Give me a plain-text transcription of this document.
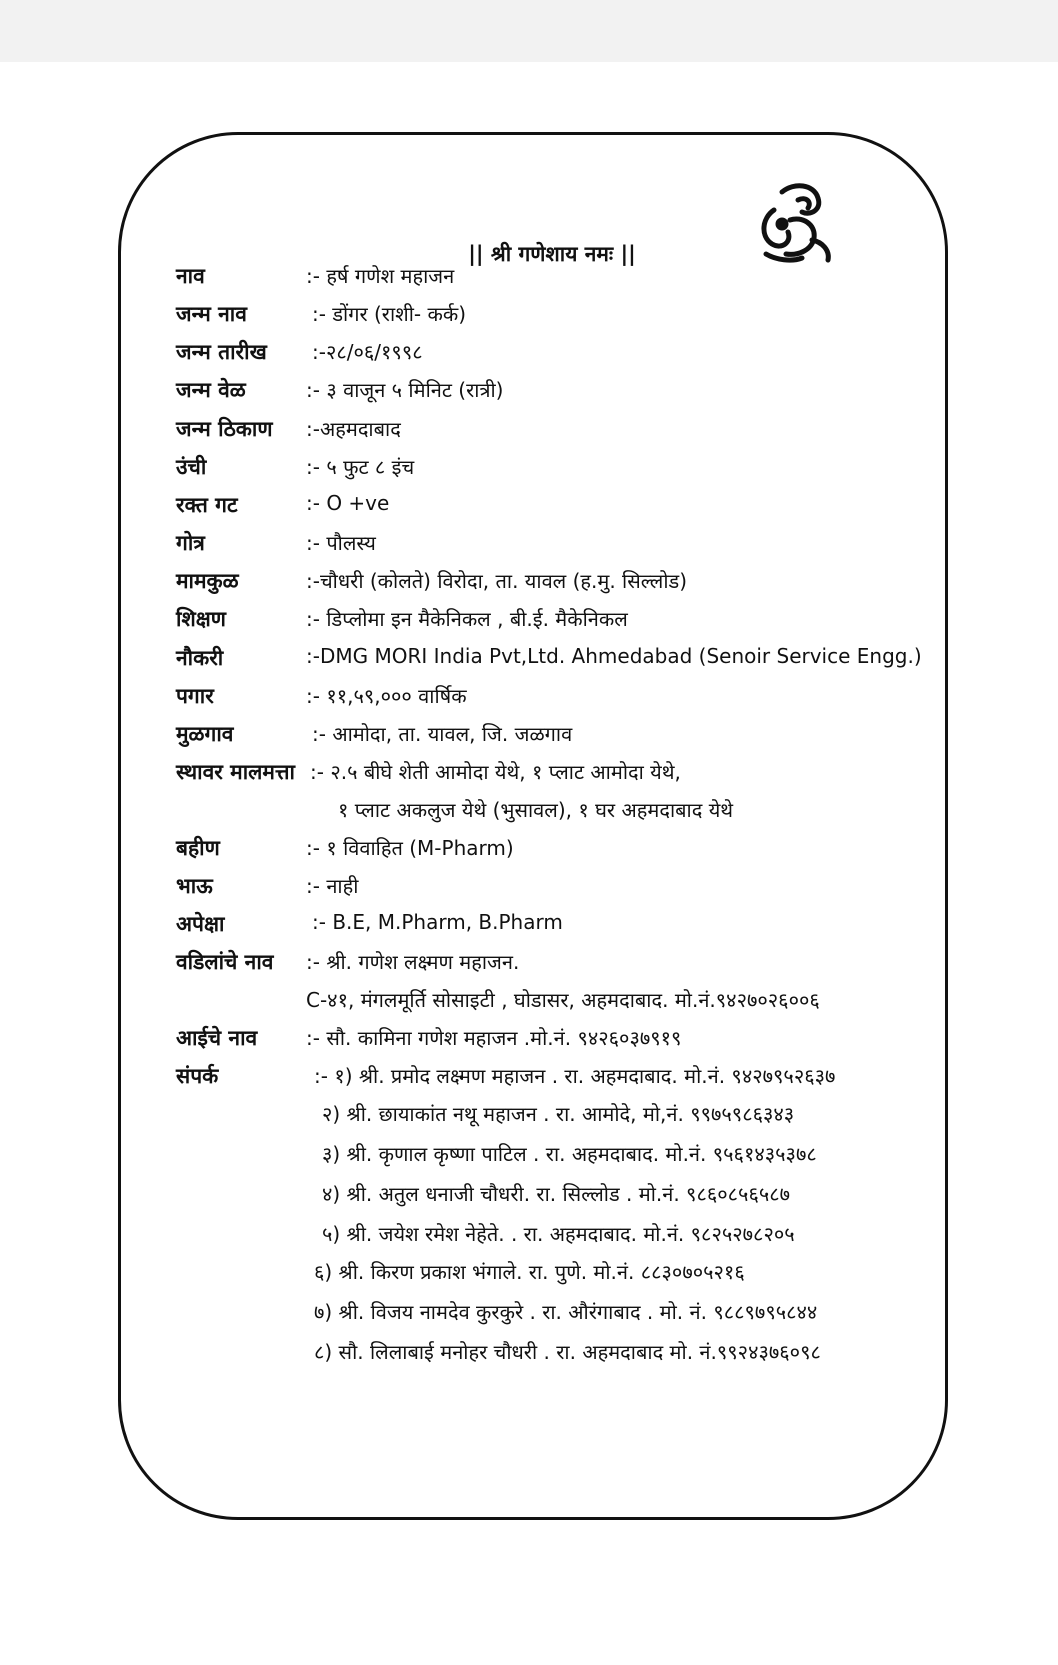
|| श्री गणेशाय नमः ||
नाव	:- हर्ष गणेश महाजन
जन्म नाव	:- डोंगर (राशी- कर्क)
जन्म तारीख :-२८/०६/१९९८
जन्म वेळ	:- ३ वाजून ५ मिनिट (रात्री)
जन्म ठिकाण :-अहमदाबाद
उंची	:- ५ फुट ८ इंच
रक्त गट	:- O +ve
गोत्र	:- पौलस्य
मामकुळ	:-चौधरी (कोलते) विरोदा, ता. यावल (ह.मु. सिल्लोड)
शिक्षण	:- डिप्लोमा इन मैकेनिकल , बी.ई. मैकेनिकल
नौकरी	:-DMG MORI India Pvt,Ltd. Ahmedabad (Senoir Service Engg.)
पगार	:- ११,५९,००० वार्षिक
मुळगाव	:- आमोदा, ता. यावल, जि. जळगाव
स्थावर मालमत्ता :- २.५ बीघे शेती आमोदा येथे, १ प्लाट आमोदा येथे,
१ प्लाट अकलुज येथे (भुसावल), १ घर अहमदाबाद येथे
बहीण	:- १ विवाहित (M-Pharm)
भाऊ	:- नाही
अपेक्षा	:- B.E, M.Pharm, B.Pharm
वडिलांचे नाव :- श्री. गणेश लक्ष्मण महाजन.
C-४१, मंगलमूर्ति सोसाइटी , घोडासर, अहमदाबाद. मो.नं.९४२७०२६००६
आईचे नाव :- सौ. कामिना गणेश महाजन .मो.नं. ९४२६०३७९१९
संपर्क	:- १) श्री. प्रमोद लक्ष्मण महाजन . रा. अहमदाबाद. मो.नं. ९४२७९५२६३७
२) श्री. छायाकांत नथू महाजन . रा. आमोदे, मो,नं. ९९७५९८६३४३
३) श्री. कृणाल कृष्णा पाटिल . रा. अहमदाबाद. मो.नं. ९५६१४३५३७८
४) श्री. अतुल धनाजी चौधरी. रा. सिल्लोड . मो.नं. ९८६०८५६५८७
५) श्री. जयेश रमेश नेहेते. . रा. अहमदाबाद. मो.नं. ९८२५२७८२०५
६) श्री. किरण प्रकाश भंगाले. रा. पुणे. मो.नं. ८८३०७०५२१६
७) श्री. विजय नामदेव कुरकुरे . रा. औरंगाबाद . मो. नं. ९८८९७९५८४४
८) सौ. लिलाबाई मनोहर चौधरी . रा. अहमदाबाद मो. नं.९९२४३७६०९८
